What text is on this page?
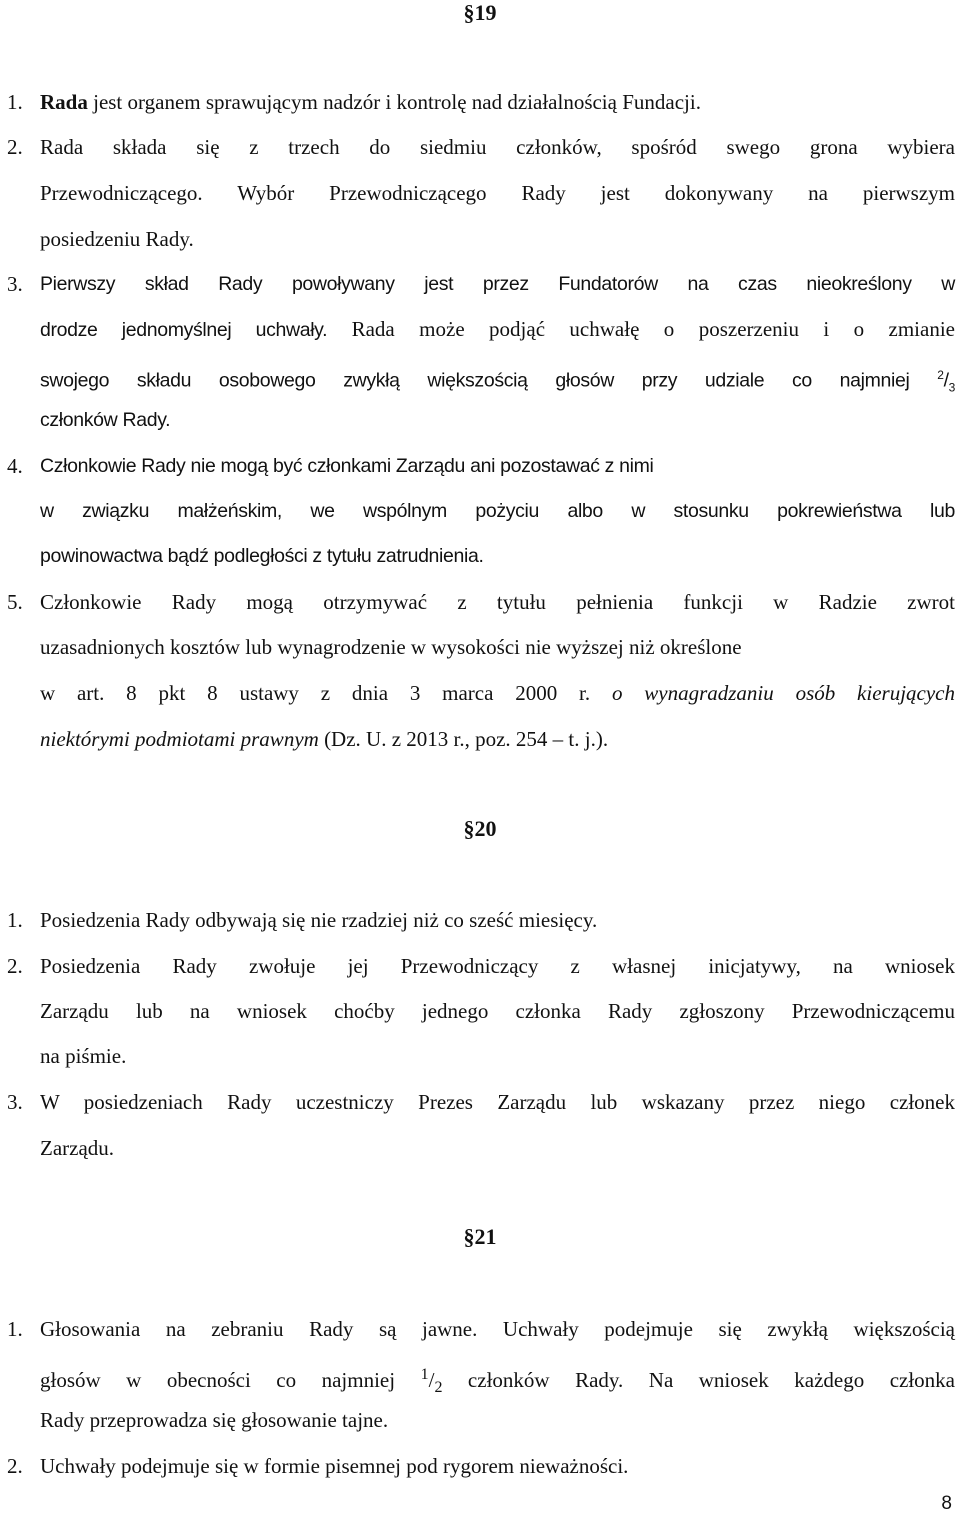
§19
1. Rada jest organem sprawującym nadzór i kontrolę nad działalnością Fundacji.
2. Rada składa się z trzech do siedmiu członków, spośród swego grona wybiera
Przewodniczącego. Wybór Przewodniczącego Rady jest dokonywany na pierwszym
posiedzeniu Rady.
3. Pierwszy skład Rady powoływany jest przez Fundatorów na czas nieokreślony w
drodze jednomyślnej uchwały. Rada może podjąć uchwałę o poszerzeniu i o zmianie
swojego składu osobowego zwykłą większością głosów przy udziale co najmniej $^2/_3$
członków Rady.
4. Członkowie Rady nie mogą być członkami Zarządu ani pozostawać z nimi
w związku małżeńskim, we wspólnym pożyciu albo w stosunku pokrewieństwa lub
powinowactwa bądź podległości z tytułu zatrudnienia.
5. Członkowie Rady mogą otrzymywać z tytułu pełnienia funkcji w Radzie zwrot
uzasadnionych kosztów lub wynagrodzenie w wysokości nie wyższej niż określone
w art. 8 pkt 8 ustawy z dnia 3 marca 2000 r. o wynagradzaniu osób kierujących
niektórymi podmiotami prawnym (Dz. U. z 2013 r., poz. 254 – t. j.).
§20
1. Posiedzenia Rady odbywają się nie rzadziej niż co sześć miesięcy.
2. Posiedzenia Rady zwołuje jej Przewodniczący z własnej inicjatywy, na wniosek
Zarządu lub na wniosek choćby jednego członka Rady zgłoszony Przewodniczącemu
na piśmie.
3. W posiedzeniach Rady uczestniczy Prezes Zarządu lub wskazany przez niego członek
Zarządu.
§21
1. Głosowania na zebraniu Rady są jawne. Uchwały podejmuje się zwykłą większością
głosów w obecności co najmniej $^1/_2$ członków Rady. Na wniosek każdego członka
Rady przeprowadza się głosowanie tajne.
2. Uchwały podejmuje się w formie pisemnej pod rygorem nieważności.
8
